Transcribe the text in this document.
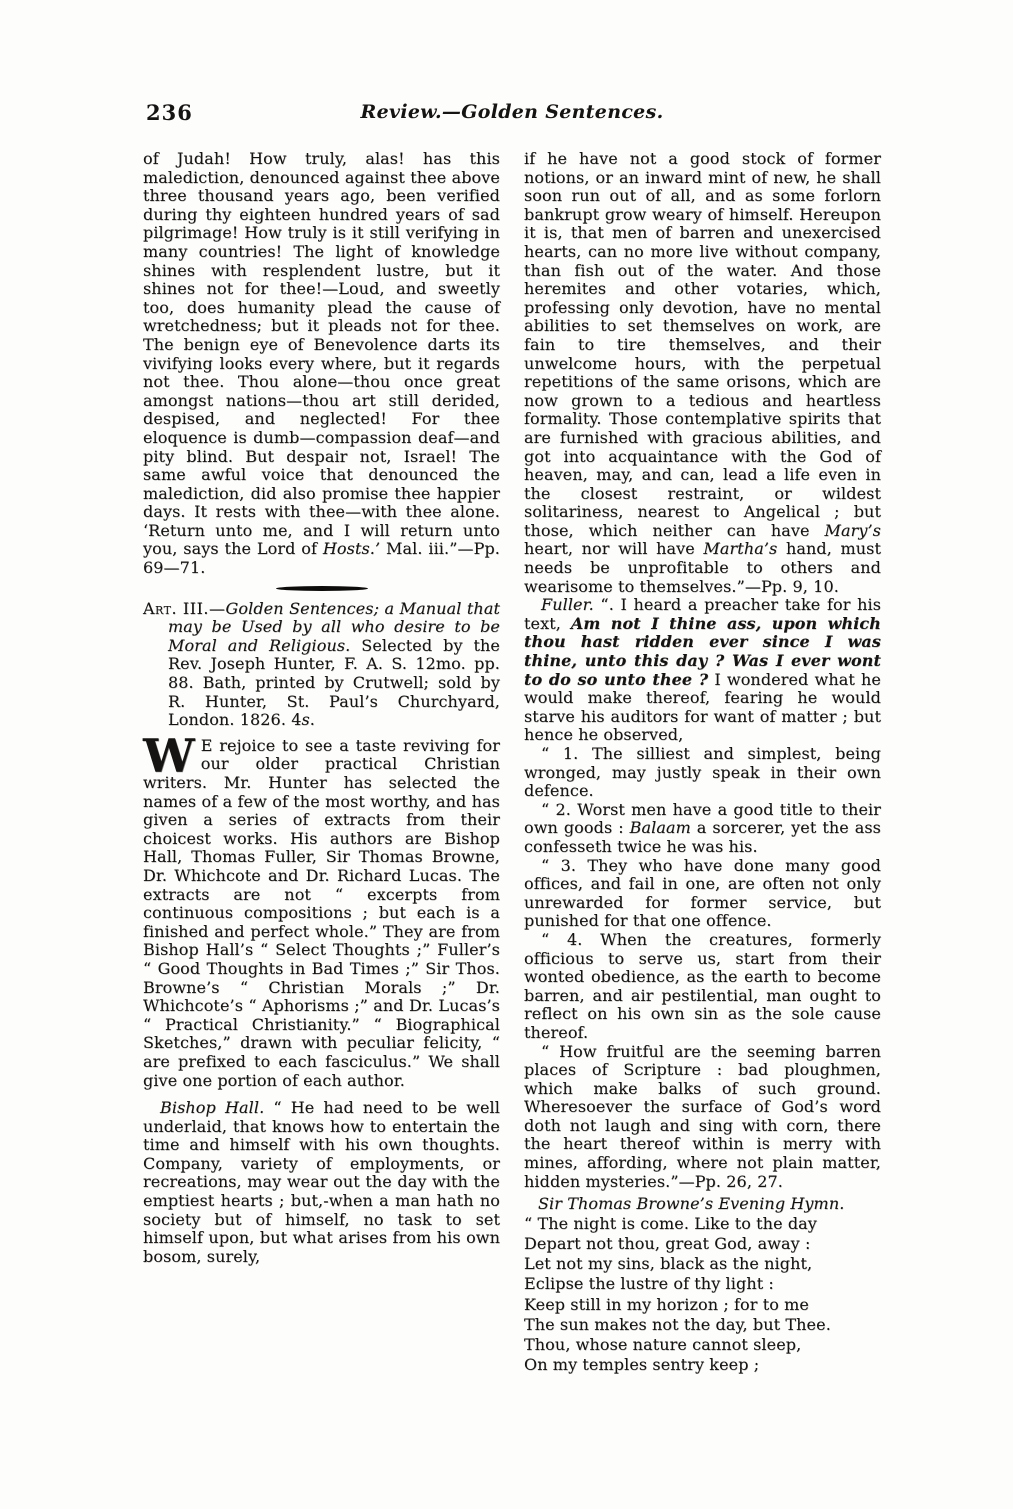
236	Review.—Golden Sentences.

of Judah! How truly, alas! has this malediction, denounced against thee above three thousand years ago, been verified during thy eighteen hundred years of sad pilgrimage! How truly is it still verifying in many countries! The light of knowledge shines with resplendent lustre, but it shines not for thee!—Loud, and sweetly too, does humanity plead the cause of wretchedness; but it pleads not for thee. The benign eye of Benevolence darts its vivifying looks every where, but it regards not thee. Thou alone—thou once great amongst nations—thou art still derided, despised, and neglected! For thee eloquence is dumb—compassion deaf—and pity blind. But despair not, Israel! The same awful voice that denounced the malediction, did also promise thee happier days. It rests with thee—with thee alone. ‘Return unto me, and I will return unto you, says the Lord of Hosts.’ Mal. iii.”—Pp. 69—71.

Art. III.—Golden Sentences; a Manual that may be Used by all who desire to be Moral and Religious. Selected by the Rev. Joseph Hunter, F. A. S. 12mo. pp. 88. Bath, printed by Crutwell; sold by R. Hunter, St. Paul’s Churchyard, London. 1826. 4s.

W E rejoice to see a taste reviving for our older practical Christian writers. Mr. Hunter has selected the names of a few of the most worthy, and has given a series of extracts from their choicest works. His authors are Bishop Hall, Thomas Fuller, Sir Thomas Browne, Dr. Whichcote and Dr. Richard Lucas. The extracts are not “ excerpts from continuous compositions ; but each is a finished and perfect whole.” They are from Bishop Hall’s “ Select Thoughts ;” Fuller’s “ Good Thoughts in Bad Times ;” Sir Thos. Browne’s “ Christian Morals ;” Dr. Whichcote’s “ Aphorisms ;” and Dr. Lucas’s “ Practical Christianity.” “ Biographical Sketches,” drawn with peculiar felicity, “ are prefixed to each fasciculus.” We shall give one portion of each author.

Bishop Hall. “ He had need to be well underlaid, that knows how to entertain the time and himself with his own thoughts. Company, variety of employments, or recreations, may wear out the day with the emptiest hearts ; but,-when a man hath no society but of himself, no task to set himself upon, but what arises from his own bosom, surely,

if he have not a good stock of former notions, or an inward mint of new, he shall soon run out of all, and as some forlorn bankrupt grow weary of himself. Hereupon it is, that men of barren and unexercised hearts, can no more live without company, than fish out of the water. And those heremites and other votaries, which, professing only devotion, have no mental abilities to set themselves on work, are fain to tire themselves, and their unwelcome hours, with the perpetual repetitions of the same orisons, which are now grown to a tedious and heartless formality. Those contemplative spirits that are furnished with gracious abilities, and got into acquaintance with the God of heaven, may, and can, lead a life even in the closest restraint, or wildest solitariness, nearest to Angelical ; but those, which neither can have Mary’s heart, nor will have Martha’s hand, must needs be unprofitable to others and wearisome to themselves.”—Pp. 9, 10.

Fuller. “. I heard a preacher take for his text, Am not I thine ass, upon which thou hast ridden ever since I was thine, unto this day ? Was I ever wont to do so unto thee ? I wondered what he would make thereof, fearing he would starve his auditors for want of matter ; but hence he observed,

“ 1. The silliest and simplest, being wronged, may justly speak in their own defence.

“ 2. Worst men have a good title to their own goods : Balaam a sorcerer, yet the ass confesseth twice he was his.

“ 3. They who have done many good offices, and fail in one, are often not only unrewarded for former service, but punished for that one offence.

“ 4. When the creatures, formerly officious to serve us, start from their wonted obedience, as the earth to become barren, and air pestilential, man ought to reflect on his own sin as the sole cause thereof.

“ How fruitful are the seeming barren places of Scripture : bad ploughmen, which make balks of such ground. Wheresoever the surface of God’s word doth not laugh and sing with corn, there the heart thereof within is merry with mines, affording, where not plain matter, hidden mysteries.”—Pp. 26, 27.

Sir Thomas Browne’s Evening Hymn.

“ The night is come. Like to the day
Depart not thou, great God, away :
Let not my sins, black as the night,
Eclipse the lustre of thy light :
Keep still in my horizon ; for to me
The sun makes not the day, but Thee.
Thou, whose nature cannot sleep,
On my temples sentry keep ;
